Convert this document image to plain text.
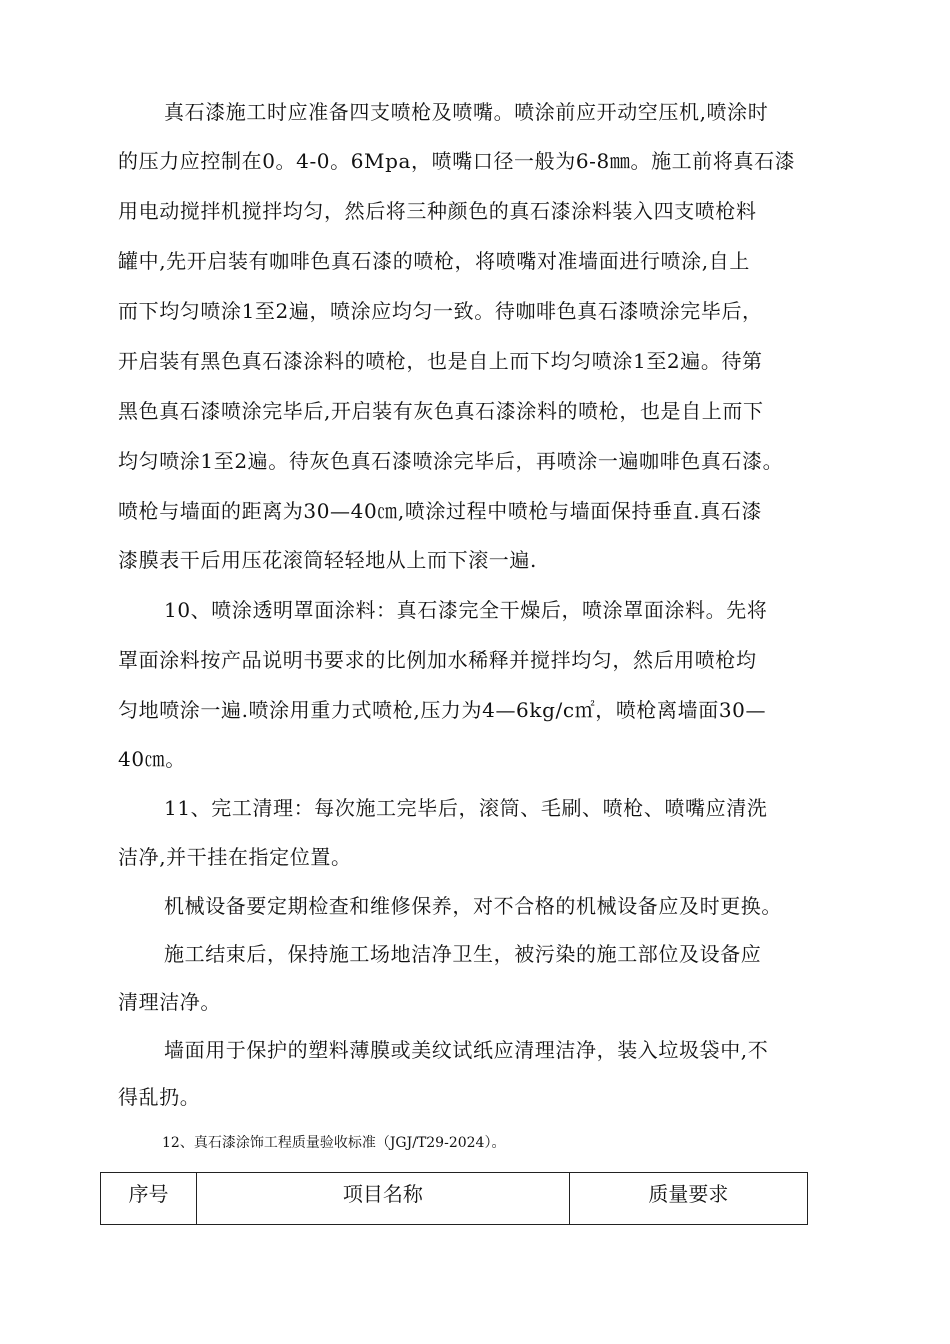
真石漆施工时应准备四支喷枪及喷嘴。喷涂前应开动空压机,喷涂时
的压力应控制在0。4-0。6Mpa，喷嘴口径一般为6-8㎜。施工前将真石漆
用电动搅拌机搅拌均匀，然后将三种颜色的真石漆涂料装入四支喷枪料
罐中,先开启装有咖啡色真石漆的喷枪，将喷嘴对准墙面进行喷涂,自上
而下均匀喷涂1至2遍，喷涂应均匀一致。待咖啡色真石漆喷涂完毕后，
开启装有黑色真石漆涂料的喷枪，也是自上而下均匀喷涂1至2遍。待第
黑色真石漆喷涂完毕后,开启装有灰色真石漆涂料的喷枪，也是自上而下
均匀喷涂1至2遍。待灰色真石漆喷涂完毕后，再喷涂一遍咖啡色真石漆。
喷枪与墙面的距离为30—40㎝,喷涂过程中喷枪与墙面保持垂直.真石漆
漆膜表干后用压花滚筒轻轻地从上而下滚一遍.
10、喷涂透明罩面涂料：真石漆完全干燥后，喷涂罩面涂料。先将
罩面涂料按产品说明书要求的比例加水稀释并搅拌均匀，然后用喷枪均
匀地喷涂一遍.喷涂用重力式喷枪,压力为4—6kg/c㎡，喷枪离墙面30—
40㎝。
11、完工清理：每次施工完毕后，滚筒、毛刷、喷枪、喷嘴应清洗
洁净,并干挂在指定位置。
机械设备要定期检查和维修保养，对不合格的机械设备应及时更换。
施工结束后，保持施工场地洁净卫生，被污染的施工部位及设备应
清理洁净。
墙面用于保护的塑料薄膜或美纹试纸应清理洁净，装入垃圾袋中,不
得乱扔。
12、真石漆涂饰工程质量验收标准（JGJ/T29-2024）。
序号	项目名称	质量要求
